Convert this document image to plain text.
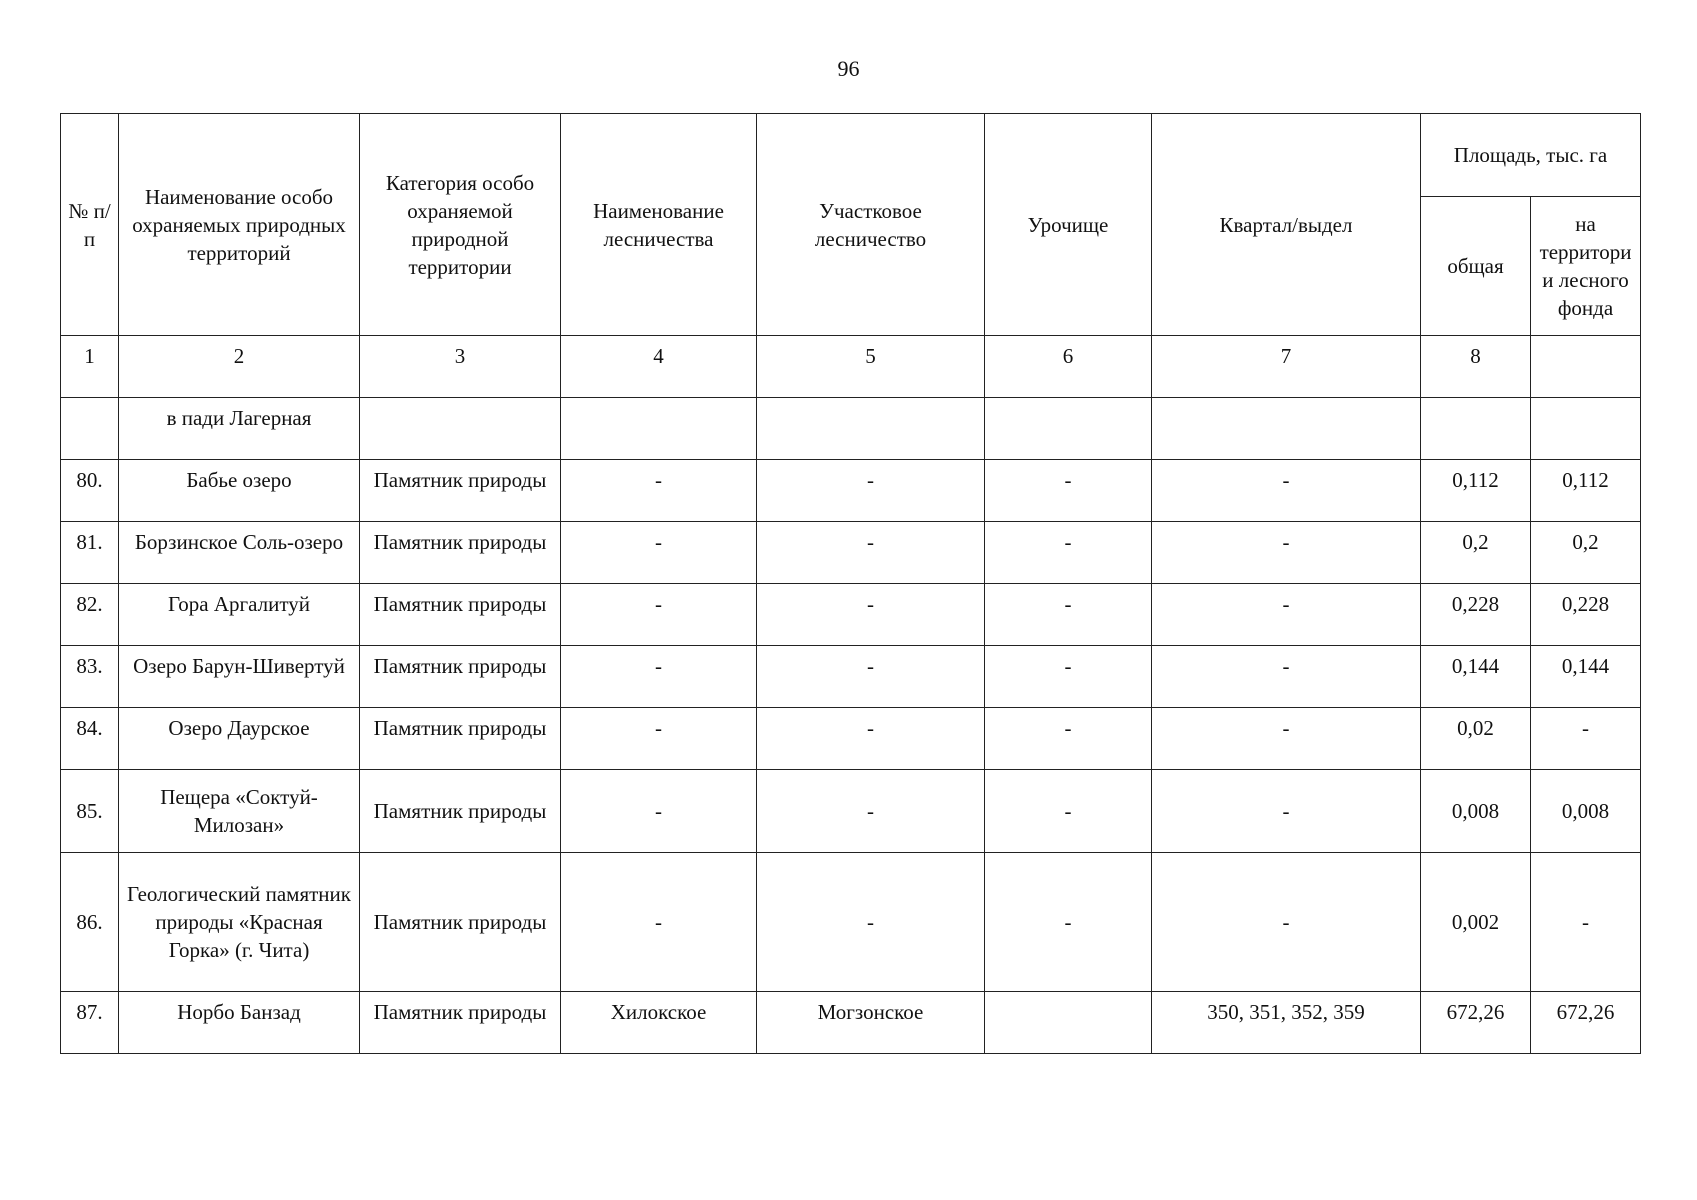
96
№ п/п	Наименование особо охраняемых природных территорий	Категория особо охраняемой природной территории	Наименование лесничества	Участковое лесничество	Урочище	Квартал/выдел	Площадь, тыс. га	
							общая	на территори и лесного фонда
1	2	3	4	5	6	7	8	
	в пади Лагерная							
80.	Бабье озеро	Памятник природы	-	-	-	-	0,112	0,112
81.	Борзинское Соль-озеро	Памятник природы	-	-	-	-	0,2	0,2
82.	Гора Аргалитуй	Памятник природы	-	-	-	-	0,228	0,228
83.	Озеро Барун-Шивертуй	Памятник природы	-	-	-	-	0,144	0,144
84.	Озеро Даурское	Памятник природы	-	-	-	-	0,02	-
85.	Пещера «Соктуй-Милозан»	Памятник природы	-	-	-	-	0,008	0,008
86.	Геологический памятник природы «Красная Горка» (г. Чита)	Памятник природы	-	-	-	-	0,002	-
87.	Норбо Банзад	Памятник природы	Хилокское	Могзонское		350, 351, 352, 359	672,26	672,26
